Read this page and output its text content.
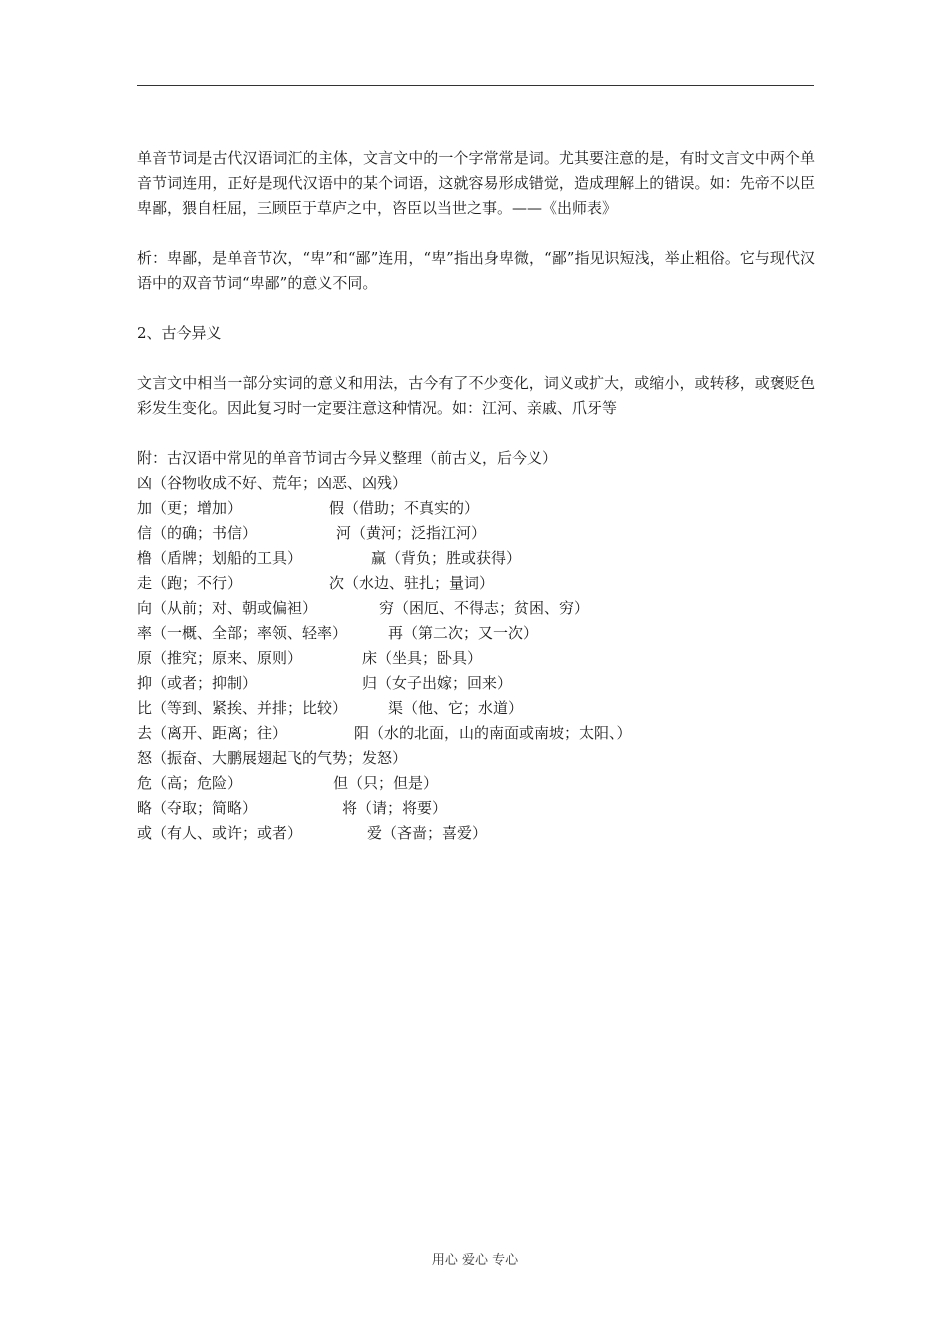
单音节词是古代汉语词汇的主体，文言文中的一个字常常是词。尤其要注意的是，有时文言文中两个单音节词连用，正好是现代汉语中的某个词语，这就容易形成错觉，造成理解上的错误。如：先帝不以臣卑鄙，猥自枉屈，三顾臣于草庐之中，咨臣以当世之事。——《出师表》

析：卑鄙，是单音节次，“卑”和“鄙”连用，“卑”指出身卑微，“鄙”指见识短浅，举止粗俗。它与现代汉语中的双音节词“卑鄙”的意义不同。

2、古今异义

文言文中相当一部分实词的意义和用法，古今有了不少变化，词义或扩大，或缩小，或转移，或褒贬色彩发生变化。因此复习时一定要注意这种情况。如：江河、亲戚、爪牙等

附：古汉语中常见的单音节词古今异义整理（前古义，后今义）

凶（谷物收成不好、荒年；凶恶、凶残）
加（更；增加）	假（借助；不真实的）
信（的确；书信）	河（黄河；泛指江河）
橹（盾牌；划船的工具）	赢（背负；胜或获得）
走（跑；不行）	次（水边、驻扎；量词）
向（从前；对、朝或偏袒）	穷（困厄、不得志；贫困、穷）
率（一概、全部；率领、轻率）	再（第二次；又一次）
原（推究；原来、原则）	床（坐具；卧具）
抑（或者；抑制）	归（女子出嫁；回来）
比（等到、紧挨、并排；比较）	渠（他、它；水道）
去（离开、距离；往）	阳（水的北面，山的南面或南坡；太阳、）
怒（振奋、大鹏展翅起飞的气势；发怒）
危（高；危险）	但（只；但是）
略（夺取；简略）	将（请；将要）
或（有人、或许；或者）	爱（吝啬；喜爱）
用心 爱心 专心
